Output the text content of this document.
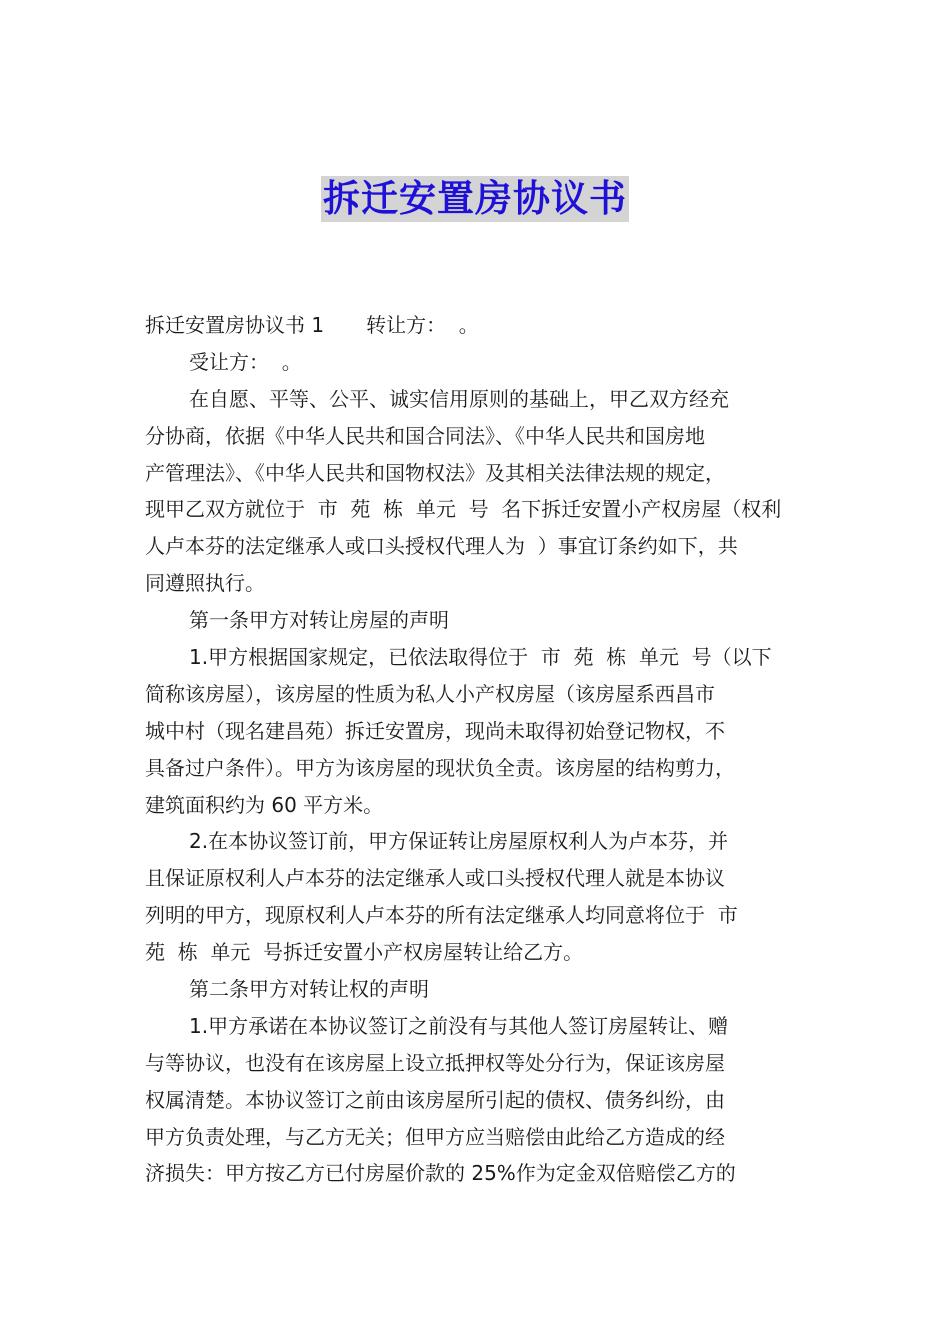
拆迁安置房协议书
拆迁安置房协议书 1 转让方：  。
受让方：  。
在自愿、平等、公平、诚实信用原则的基础上，甲乙双方经充
分协商，依据《中华人民共和国合同法》、《中华人民共和国房地
产管理法》、《中华人民共和国物权法》及其相关法律法规的规定，
现甲乙双方就位于  市  苑  栋  单元  号  名下拆迁安置小产权房屋（权利
人卢本芬的法定继承人或口头授权代理人为  ）事宜订条约如下，共
同遵照执行。
第一条甲方对转让房屋的声明
1.甲方根据国家规定，已依法取得位于  市  苑  栋  单元  号（以下
简称该房屋），该房屋的性质为私人小产权房屋（该房屋系西昌市
城中村（现名建昌苑）拆迁安置房，现尚未取得初始登记物权，不
具备过户条件）。甲方为该房屋的现状负全责。该房屋的结构剪力，
建筑面积约为 60 平方米。
2.在本协议签订前，甲方保证转让房屋原权利人为卢本芬，并
且保证原权利人卢本芬的法定继承人或口头授权代理人就是本协议
列明的甲方，现原权利人卢本芬的所有法定继承人均同意将位于  市
苑  栋  单元  号拆迁安置小产权房屋转让给乙方。
第二条甲方对转让权的声明
1.甲方承诺在本协议签订之前没有与其他人签订房屋转让、赠
与等协议，也没有在该房屋上设立抵押权等处分行为，保证该房屋
权属清楚。本协议签订之前由该房屋所引起的债权、债务纠纷，由
甲方负责处理，与乙方无关；但甲方应当赔偿由此给乙方造成的经
济损失：甲方按乙方已付房屋价款的 25%作为定金双倍赔偿乙方的
